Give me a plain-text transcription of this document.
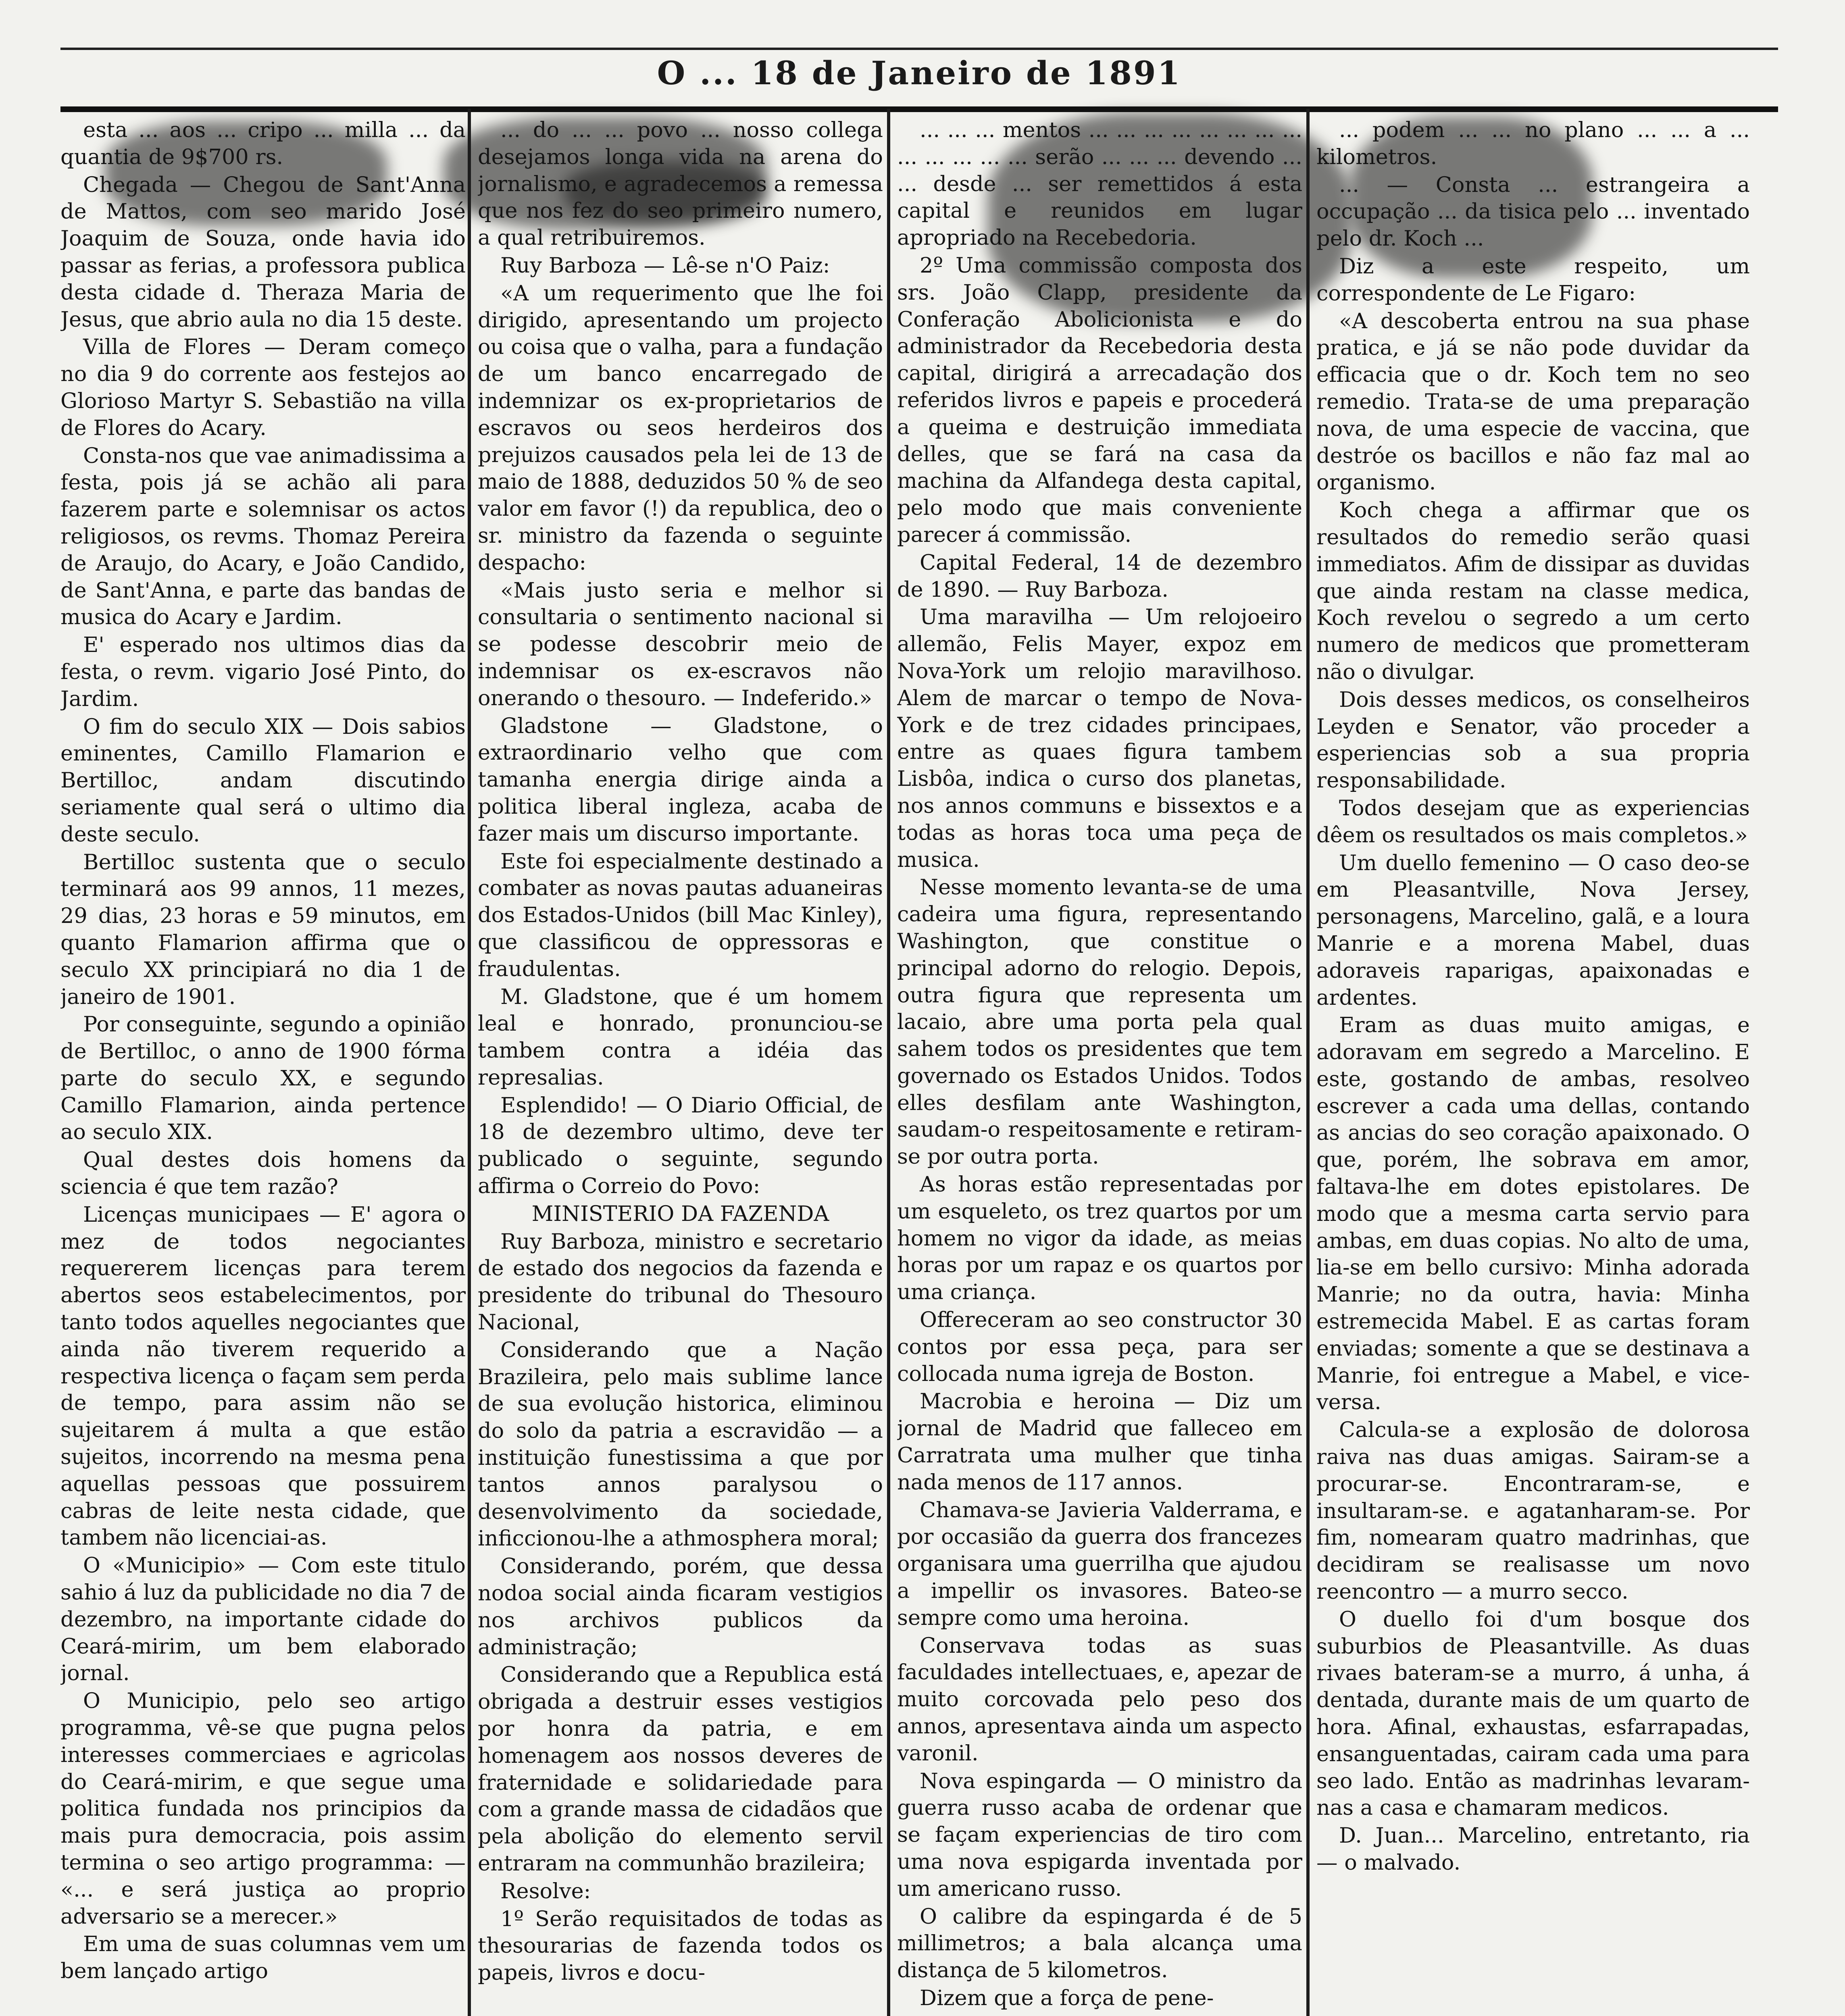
O ... 18 de Janeiro de 1891

esta ... aos ... cripo ... milla ... da quantia de 9$700 rs.

Chegada — Chegou de Sant'Anna de Mattos, com seo marido José Joaquim de Souza, onde havia ido passar as ferias, a professora publica desta cidade d. Theraza Maria de Jesus, que abrio aula no dia 15 deste.

Villa de Flores — Deram começo no dia 9 do corrente aos festejos ao Glorioso Martyr S. Sebastião na villa de Flores do Acary.

Consta-nos que vae animadissima a festa, pois já se achão ali para fazerem parte e solemnisar os actos religiosos, os revms. Thomaz Pereira de Araujo, do Acary, e João Candido, de Sant'Anna, e parte das bandas de musica do Acary e Jardim.

E' esperado nos ultimos dias da festa, o revm. vigario José Pinto, do Jardim.

O fim do seculo XIX — Dois sabios eminentes, Camillo Flamarion e Bertilloc, andam discutindo seriamente qual será o ultimo dia deste seculo.

Bertilloc sustenta que o seculo terminará aos 99 annos, 11 mezes, 29 dias, 23 horas e 59 minutos, em quanto Flamarion affirma que o seculo XX principiará no dia 1 de janeiro de 1901.

Por conseguinte, segundo a opinião de Bertilloc, o anno de 1900 fórma parte do seculo XX, e segundo Camillo Flamarion, ainda pertence ao seculo XIX.

Qual destes dois homens da sciencia é que tem razão?

Licenças municipaes — E' agora o mez de todos negociantes requererem licenças para terem abertos seos estabelecimentos, por tanto todos aquelles negociantes que ainda não tiverem requerido a respectiva licença o façam sem perda de tempo, para assim não se sujeitarem á multa a que estão sujeitos, incorrendo na mesma pena aquellas pessoas que possuirem cabras de leite nesta cidade, que tambem não licenciai-as.

O «Municipio» — Com este titulo sahio á luz da publicidade no dia 7 de dezembro, na importante cidade do Ceará-mirim, um bem elaborado jornal.

O Municipio, pelo seo artigo programma, vê-se que pugna pelos interesses commerciaes e agricolas do Ceará-mirim, e que segue uma politica fundada nos principios da mais pura democracia, pois assim termina o seo artigo programma: — «... e será justiça ao proprio adversario se a merecer.»

Em uma de suas columnas vem um bem lançado artigo

... do ... ... povo ... nosso collega desejamos longa vida na arena do jornalismo, e agradecemos a remessa que nos fez do seo primeiro numero, a qual retribuiremos.

Ruy Barboza — Lê-se n'O Paiz:

«A um requerimento que lhe foi dirigido, apresentando um projecto ou coisa que o valha, para a fundação de um banco encarregado de indemnizar os ex-proprietarios de escravos ou seos herdeiros dos prejuizos causados pela lei de 13 de maio de 1888, deduzidos 50 % de seo valor em favor (!) da republica, deo o sr. ministro da fazenda o seguinte despacho:

«Mais justo seria e melhor si consultaria o sentimento nacional si se podesse descobrir meio de indemnisar os ex-escravos não onerando o thesouro. — Indeferido.»

Gladstone — Gladstone, o extraordinario velho que com tamanha energia dirige ainda a politica liberal ingleza, acaba de fazer mais um discurso importante.

Este foi especialmente destinado a combater as novas pautas aduaneiras dos Estados-Unidos (bill Mac Kinley), que classificou de oppressoras e fraudulentas.

M. Gladstone, que é um homem leal e honrado, pronunciou-se tambem contra a idéia das represalias.

Esplendido! — O Diario Official, de 18 de dezembro ultimo, deve ter publicado o seguinte, segundo affirma o Correio do Povo:

MINISTERIO DA FAZENDA

Ruy Barboza, ministro e secretario de estado dos negocios da fazenda e presidente do tribunal do Thesouro Nacional,

Considerando que a Nação Brazileira, pelo mais sublime lance de sua evolução historica, eliminou do solo da patria a escravidão — a instituição funestissima a que por tantos annos paralysou o desenvolvimento da sociedade, inficcionou-lhe a athmosphera moral;

Considerando, porém, que dessa nodoa social ainda ficaram vestigios nos archivos publicos da administração;

Considerando que a Republica está obrigada a destruir esses vestigios por honra da patria, e em homenagem aos nossos deveres de fraternidade e solidariedade para com a grande massa de cidadãos que pela abolição do elemento servil entraram na communhão brazileira;

Resolve:

1º Serão requisitados de todas as thesourarias de fazenda todos os papeis, livros e docu-

... ... ... mentos ... ... ... ... ... ... ... ... ... ... ... ... ... serão ... ... ... devendo ... ... desde ... ser remettidos á esta capital e reunidos em lugar apropriado na Recebedoria.

2º Uma commissão composta dos srs. João Clapp, presidente da Conferação Abolicionista e do administrador da Recebedoria desta capital, dirigirá a arrecadação dos referidos livros e papeis e procederá a queima e destruição immediata delles, que se fará na casa da machina da Alfandega desta capital, pelo modo que mais conveniente parecer á commissão.

Capital Federal, 14 de dezembro de 1890. — Ruy Barboza.

Uma maravilha — Um relojoeiro allemão, Felis Mayer, expoz em Nova-York um relojio maravilhoso. Alem de marcar o tempo de Nova-York e de trez cidades principaes, entre as quaes figura tambem Lisbôa, indica o curso dos planetas, nos annos communs e bissextos e a todas as horas toca uma peça de musica.

Nesse momento levanta-se de uma cadeira uma figura, representando Washington, que constitue o principal adorno do relogio. Depois, outra figura que representa um lacaio, abre uma porta pela qual sahem todos os presidentes que tem governado os Estados Unidos. Todos elles desfilam ante Washington, saudam-o respeitosamente e retiram-se por outra porta.

As horas estão representadas por um esqueleto, os trez quartos por um homem no vigor da idade, as meias horas por um rapaz e os quartos por uma criança.

Offereceram ao seo constructor 30 contos por essa peça, para ser collocada numa igreja de Boston.

Macrobia e heroina — Diz um jornal de Madrid que falleceo em Carratrata uma mulher que tinha nada menos de 117 annos.

Chamava-se Javieria Valderrama, e por occasião da guerra dos francezes organisara uma guerrilha que ajudou a impellir os invasores. Bateo-se sempre como uma heroina.

Conservava todas as suas faculdades intellectuaes, e, apezar de muito corcovada pelo peso dos annos, apresentava ainda um aspecto varonil.

Nova espingarda — O ministro da guerra russo acaba de ordenar que se façam experiencias de tiro com uma nova espigarda inventada por um americano russo.

O calibre da espingarda é de 5 millimetros; a bala alcança uma distança de 5 kilometros.

Dizem que a força de pene-

... podem ... ... no plano ... ... a ... kilometros.

... — Consta ... estrangeira a occupação ... da tisica pelo ... inventado pelo dr. Koch ...

Diz a este respeito, um correspondente de Le Figaro:

«A descoberta entrou na sua phase pratica, e já se não pode duvidar da efficacia que o dr. Koch tem no seo remedio. Trata-se de uma preparação nova, de uma especie de vaccina, que destróe os bacillos e não faz mal ao organismo.

Koch chega a affirmar que os resultados do remedio serão quasi immediatos. Afim de dissipar as duvidas que ainda restam na classe medica, Koch revelou o segredo a um certo numero de medicos que prometteram não o divulgar.

Dois desses medicos, os conselheiros Leyden e Senator, vão proceder a esperiencias sob a sua propria responsabilidade.

Todos desejam que as experiencias dêem os resultados os mais completos.»

Um duello femenino — O caso deo-se em Pleasantville, Nova Jersey, personagens, Marcelino, galã, e a loura Manrie e a morena Mabel, duas adoraveis raparigas, apaixonadas e ardentes.

Eram as duas muito amigas, e adoravam em segredo a Marcelino. E este, gostando de ambas, resolveo escrever a cada uma dellas, contando as ancias do seo coração apaixonado. O que, porém, lhe sobrava em amor, faltava-lhe em dotes epistolares. De modo que a mesma carta servio para ambas, em duas copias. No alto de uma, lia-se em bello cursivo: Minha adorada Manrie; no da outra, havia: Minha estremecida Mabel. E as cartas foram enviadas; somente a que se destinava a Manrie, foi entregue a Mabel, e vice-versa.

Calcula-se a explosão de dolorosa raiva nas duas amigas. Sairam-se a procurar-se. Encontraram-se, e insultaram-se. e agatanharam-se. Por fim, nomearam quatro madrinhas, que decidiram se realisasse um novo reencontro — a murro secco.

O duello foi d'um bosque dos suburbios de Pleasantville. As duas rivaes bateram-se a murro, á unha, á dentada, durante mais de um quarto de hora. Afinal, exhaustas, esfarrapadas, ensanguentadas, cairam cada uma para seo lado. Então as madrinhas levaram-nas a casa e chamaram medicos.

D. Juan... Marcelino, entretanto, ria — o malvado.
